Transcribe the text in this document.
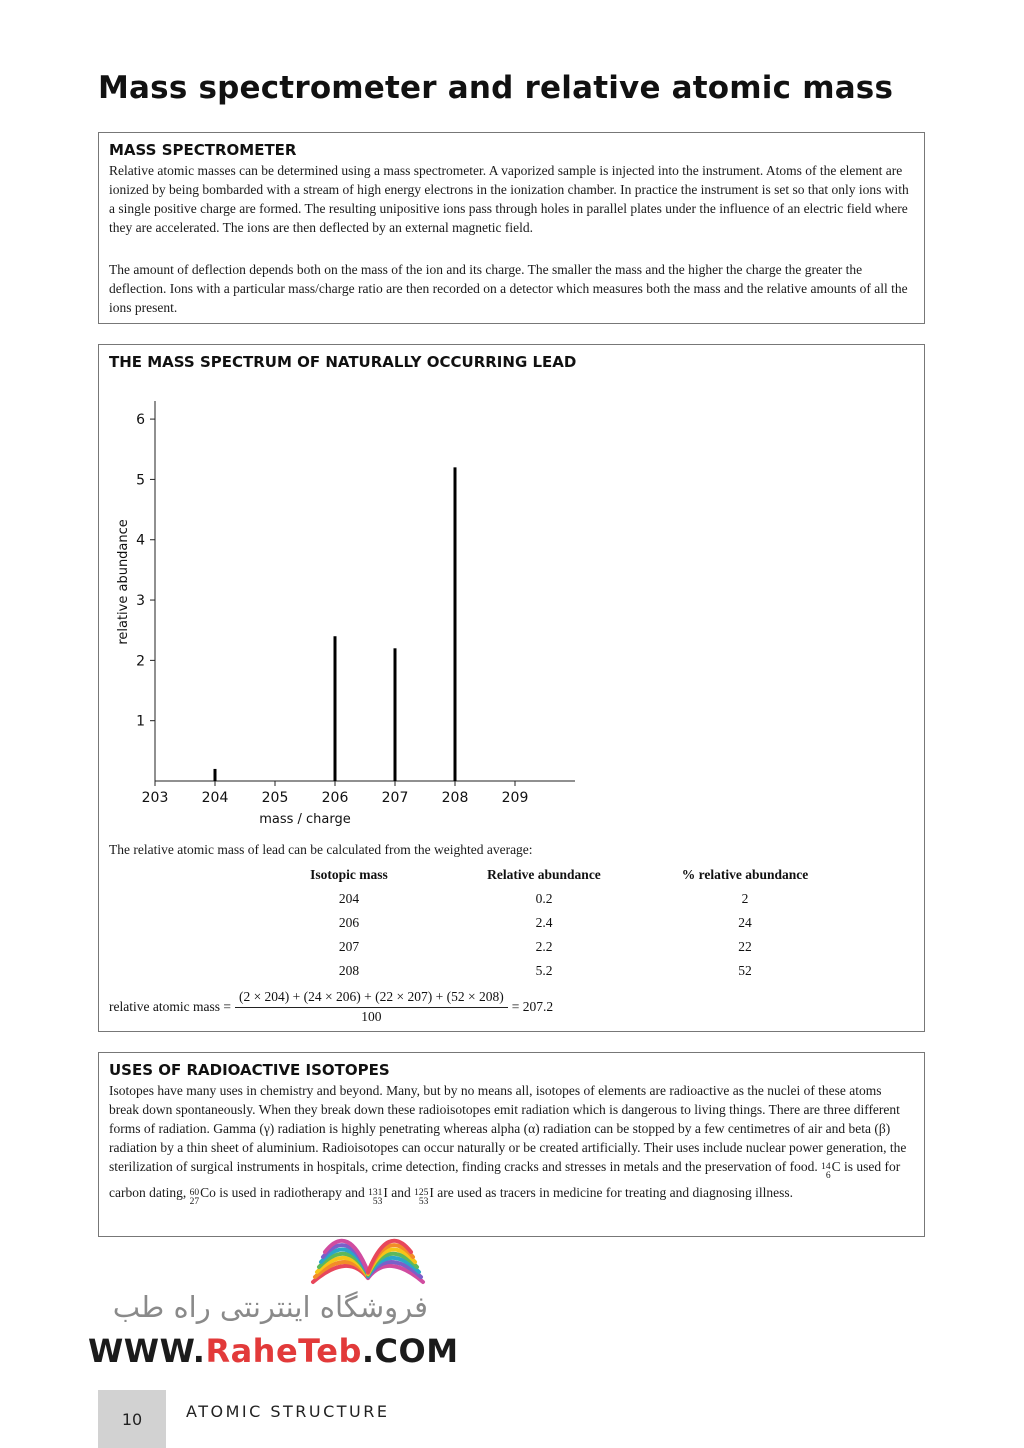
Mass spectrometer and relative atomic mass
MASS SPECTROMETER

Relative atomic masses can be determined using a mass spectrometer. A vaporized sample is injected into the instrument. Atoms of the element are ionized by being bombarded with a stream of high energy electrons in the ionization chamber. In practice the instrument is set so that only ions with a single positive charge are formed. The resulting unipositive ions pass through holes in parallel plates under the influence of an electric field where they are accelerated. The ions are then deflected by an external magnetic field.

The amount of deflection depends both on the mass of the ion and its charge. The smaller the mass and the higher the charge the greater the deflection. Ions with a particular mass/charge ratio are then recorded on a detector which measures both the mass and the relative amounts of all the ions present.

THE MASS SPECTRUM OF NATURALLY OCCURRING LEAD
203 204 205 206 207 208 209
1
2
3
4
5
6
mass / charge
relative abundance

The relative atomic mass of lead can be calculated from the weighted average:

Isotopic mass	Relative abundance	% relative abundance
204	0.2	2
206	2.4	24
207	2.2	22
208	5.2	52
relative atomic mass = $\frac{(2 \times 204) + (24 \times 206) + (22 \times 207) + (52 \times 208)}{100} = 207.2$
USES OF RADIOACTIVE ISOTOPES

Isotopes have many uses in chemistry and beyond. Many, but by no means all, isotopes of elements are radioactive as the nuclei of these atoms break down spontaneously. When they break down these radioisotopes emit radiation which is dangerous to living things. There are three different forms of radiation. Gamma (γ) radiation is highly penetrating whereas alpha (α) radiation can be stopped by a few centimetres of air and beta (β) radiation by a thin sheet of aluminium. Radioisotopes can occur naturally or be created artificially. Their uses include nuclear power generation, the sterilization of surgical instruments in hospitals, crime detection, finding cracks and stresses in metals and the preservation of food. 14
6
C is used for carbon dating, 60
27
Co is used in radiotherapy and 131
53
I and 125
53
I are used as tracers in medicine for treating and diagnosing illness.

فروشگاه اینترنتی راه طب
WWW.RaheTeb.COM
10	ATOMIC STRUCTURE
